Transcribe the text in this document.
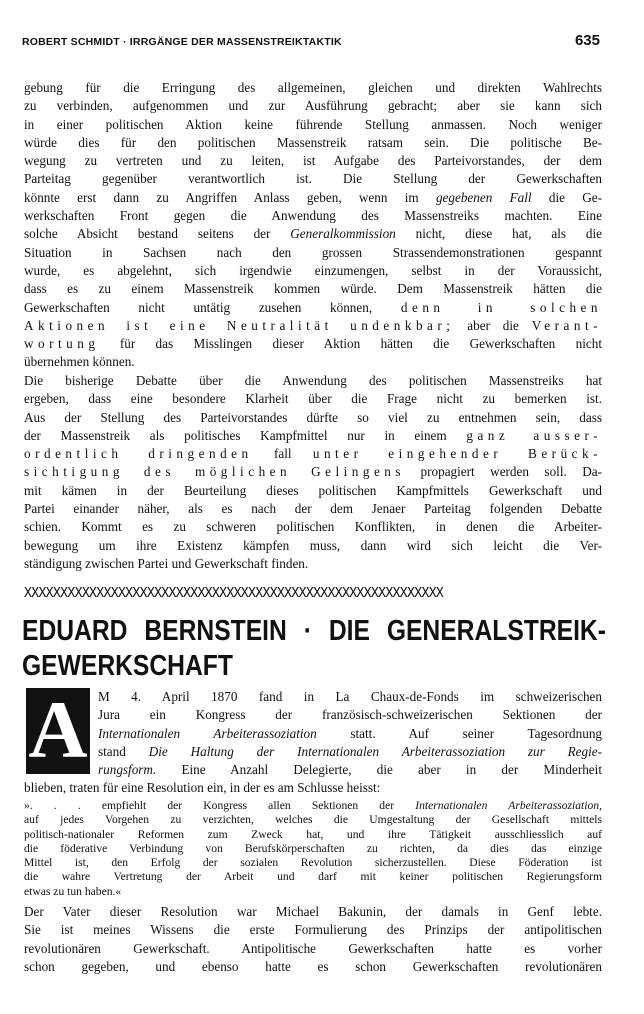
ROBERT SCHMIDT · IRRGÄNGE DER MASSENSTREIKTAKTIK	635
gebung für die Erringung des allgemeinen, gleichen und direkten Wahlrechts
zu verbinden, aufgenommen und zur Ausführung gebracht; aber sie kann sich
in einer politischen Aktion keine führende Stellung anmassen. Noch weniger
würde dies für den politischen Massenstreik ratsam sein. Die politische Be-
wegung zu vertreten und zu leiten, ist Aufgabe des Parteivorstandes, der dem
Parteitag gegenüber verantwortlich ist. Die Stellung der Gewerkschaften
könnte erst dann zu Angriffen Anlass geben, wenn im gegebenen Fall die Ge-
werkschaften Front gegen die Anwendung des Massenstreiks machten. Eine
solche Absicht bestand seitens der Generalkommission nicht, diese hat, als die
Situation in Sachsen nach den grossen Strassendemonstrationen gespannt
wurde, es abgelehnt, sich irgendwie einzumengen, selbst in der Voraussicht,
dass es zu einem Massenstreik kommen würde. Dem Massenstreik hätten die
Gewerkschaften nicht untätig zusehen können, denn in solchen
Aktionen ist eine Neutralität undenkbar; aber die Verant-
wortung für das Misslingen dieser Aktion hätten die Gewerkschaften nicht
übernehmen können.
Die bisherige Debatte über die Anwendung des politischen Massenstreiks hat
ergeben, dass eine besondere Klarheit über die Frage nicht zu bemerken ist.
Aus der Stellung des Parteivorstandes dürfte so viel zu entnehmen sein, dass
der Massenstreik als politisches Kampfmittel nur in einem ganz ausser-
ordentlich dringenden fall unter eingehender Berück-
sichtigung des möglichen Gelingens propagiert werden soll. Da-
mit kämen in der Beurteilung dieses politischen Kampfmittels Gewerkschaft und
Partei einander näher, als es nach der dem Jenaer Parteitag folgenden Debatte
schien. Kommt es zu schweren politischen Konflikten, in denen die Arbeiter-
bewegung um ihre Existenz kämpfen muss, dann wird sich leicht die Ver-
ständigung zwischen Partei und Gewerkschaft finden.
XXXXXXXXXXXXXXXXXXXXXXXXXXXXXXXXXXXXXXXXXXXXXXXXXXXXXXXXXX
EDUARD BERNSTEIN · DIE GENERALSTREIK-
GEWERKSCHAFT
A M 4. April 1870 fand in La Chaux-de-Fonds im schweizerischen
Jura ein Kongress der französisch-schweizerischen Sektionen der
Internationalen Arbeiterassoziation	statt. Auf seiner Tagesordnung
stand Die Haltung der Internationalen Arbeiterassoziation zur Regie-
rungsform. Eine Anzahl Delegierte, die aber in der Minderheit
blieben, traten für eine Resolution ein, in der es am Schlusse heisst:
». . . empfiehlt der Kongress allen Sektionen der Internationalen Arbeiterassoziation,
auf jedes Vorgehen zu verzichten, welches die Umgestaltung der Gesellschaft mittels
politisch-nationaler Reformen zum Zweck hat, und ihre Tätigkeit ausschliesslich auf
die föderative Verbindung von Berufskörperschaften zu richten, da dies das einzige
Mittel ist, den Erfolg der sozialen Revolution sicherzustellen. Diese Föderation ist
die wahre Vertretung der Arbeit und darf mit keiner politischen Regierungsform
etwas zu tun haben.«
Der Vater dieser Resolution war Michael Bakunin, der damals in Genf lebte.
Sie ist meines Wissens die erste Formulierung des Prinzips der antipolitischen
revolutionären Gewerkschaft. Antipolitische Gewerkschaften hatte es vorher
schon gegeben, und ebenso hatte es schon Gewerkschaften revolutionären
